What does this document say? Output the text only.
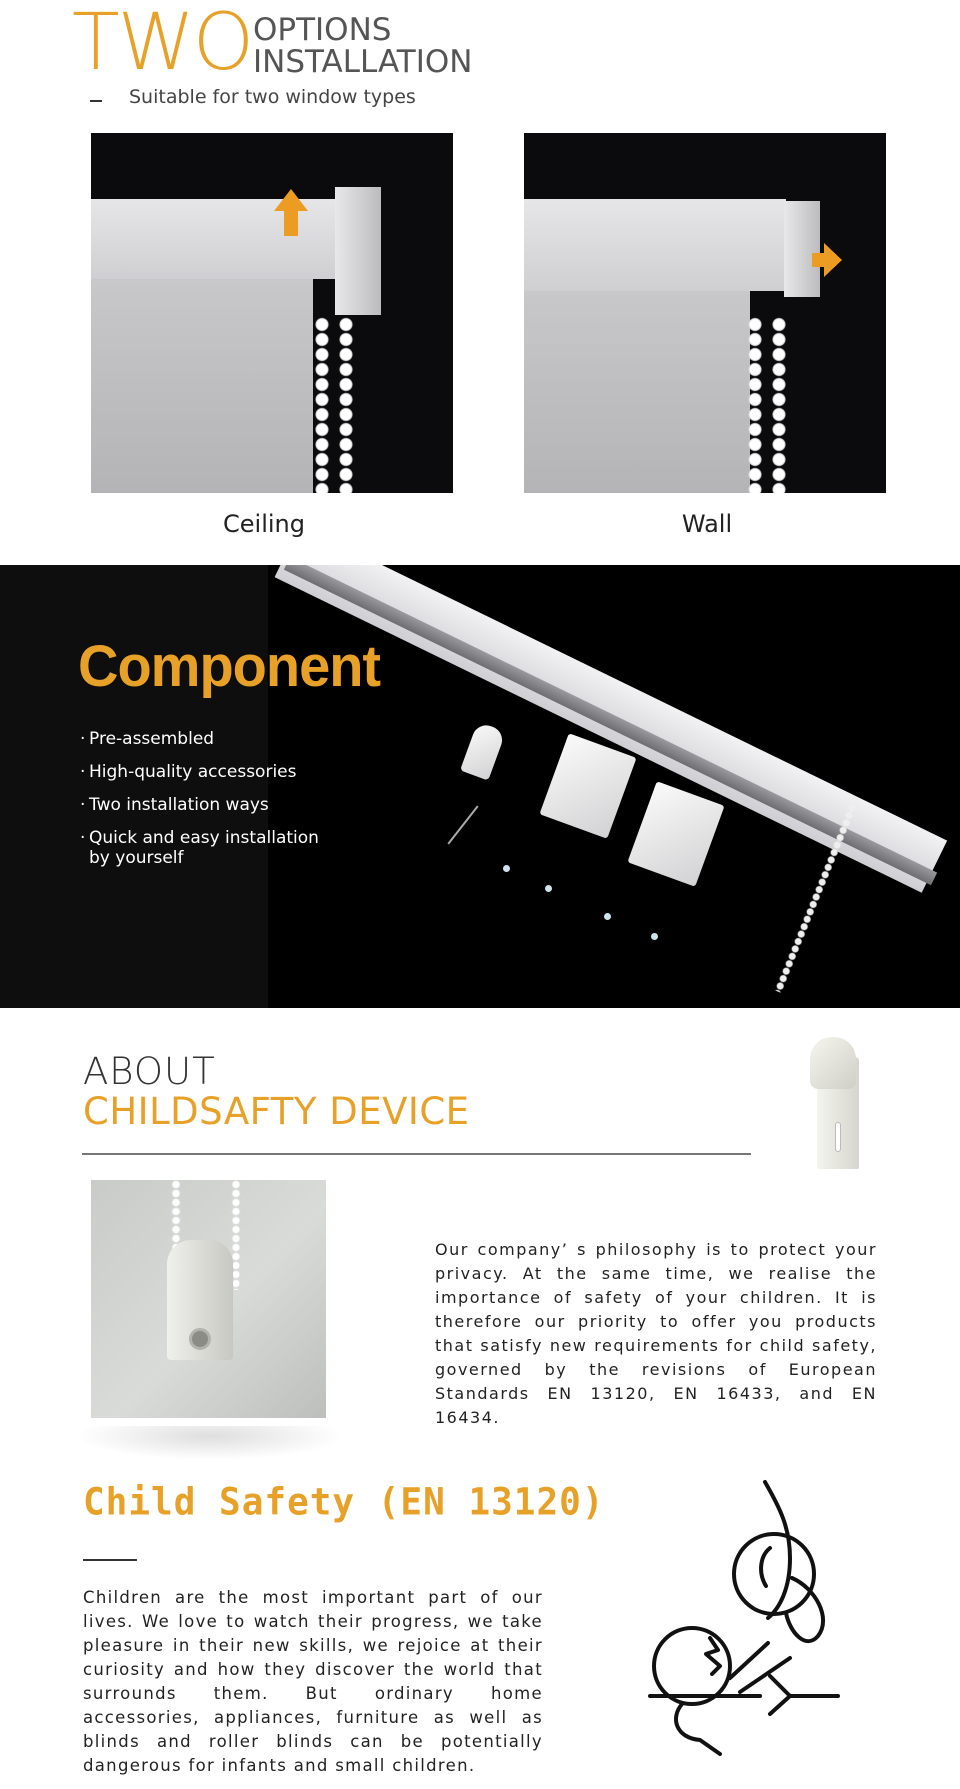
TWO OPTIONS
INSTALLATION
Suitable for two window types
Ceiling	Wall
Component
· Pre-assembled
· High-quality accessories
· Two installation ways
· Quick and easy installation by yourself
ABOUT
CHILDSAFTY DEVICE

Our company’ s philosophy is to protect your privacy. At the same time, we realise the importance of safety of your children. It is therefore our priority to offer you products that satisfy new requirements for child safety, governed by the revisions of European Standards EN 13120, EN 16433, and EN 16434.

Child Safety (EN 13120)

Children are the most important part of our lives. We love to watch their progress, we take pleasure in their new skills, we rejoice at their curiosity and how they discover the world that surrounds them. But ordinary home accessories, appliances, furniture as well as blinds and roller blinds can be potentially dangerous for infants and small children.
